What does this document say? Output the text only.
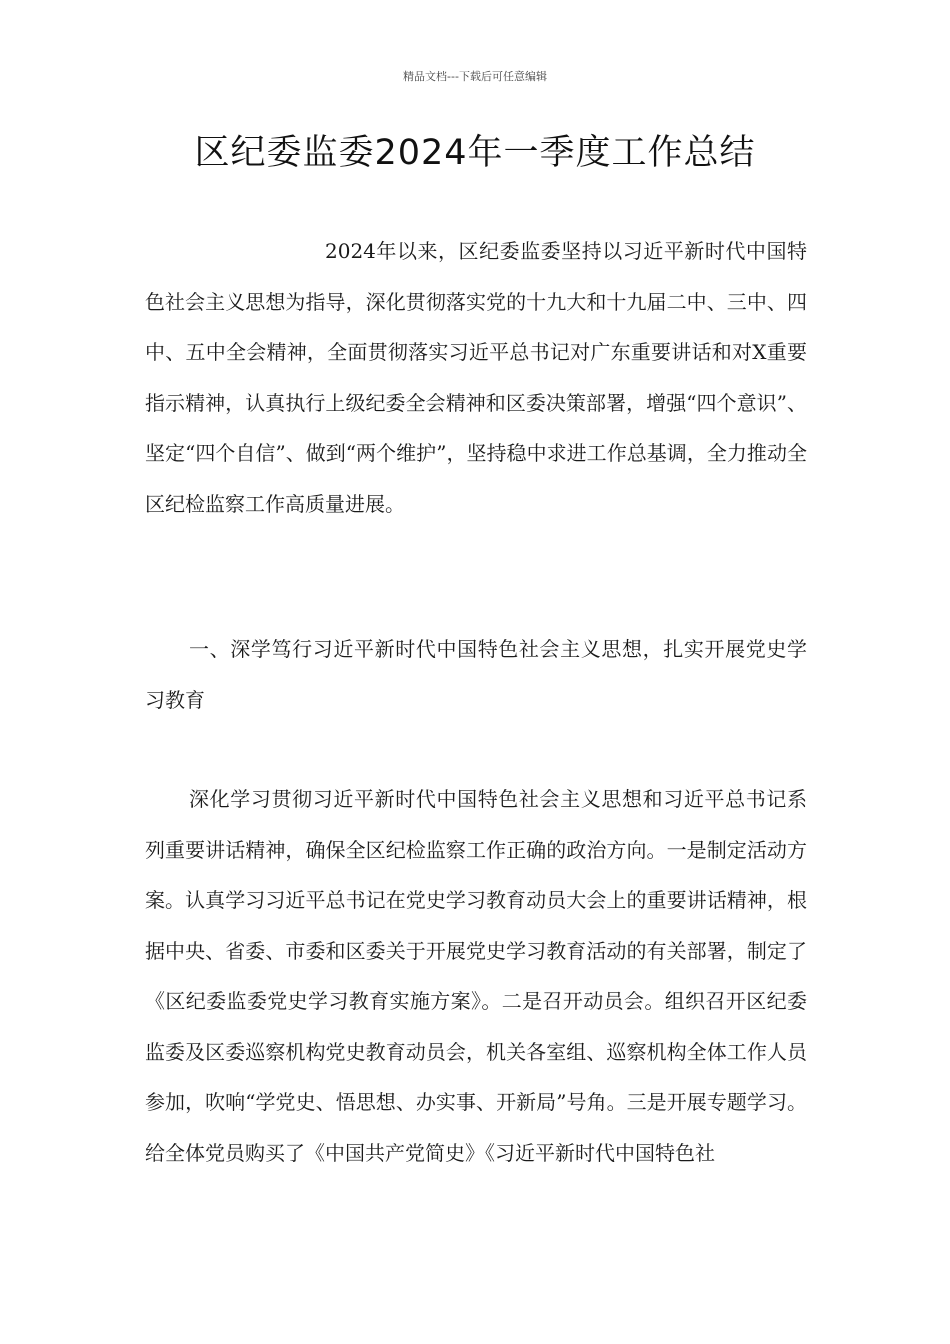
精品文档---下载后可任意编辑
区纪委监委2024年一季度工作总结

2024年以来，区纪委监委坚持以习近平新时代中国特色社会主义思想为指导，深化贯彻落实党的十九大和十九届二中、三中、四中、五中全会精神，全面贯彻落实习近平总书记对广东重要讲话和对X重要指示精神，认真执行上级纪委全会精神和区委决策部署，增强“四个意识”、坚定“四个自信”、做到“两个维护”，坚持稳中求进工作总基调，全力推动全区纪检监察工作高质量进展。

一、深学笃行习近平新时代中国特色社会主义思想，扎实开展党史学习教育

深化学习贯彻习近平新时代中国特色社会主义思想和习近平总书记系列重要讲话精神，确保全区纪检监察工作正确的政治方向。一是制定活动方案。认真学习习近平总书记在党史学习教育动员大会上的重要讲话精神，根据中央、省委、市委和区委关于开展党史学习教育活动的有关部署，制定了《区纪委监委党史学习教育实施方案》。二是召开动员会。组织召开区纪委监委及区委巡察机构党史教育动员会，机关各室组、巡察机构全体工作人员参加，吹响“学党史、悟思想、办实事、开新局”号角。三是开展专题学习。给全体党员购买了《中国共产党简史》《习近平新时代中国特色社
